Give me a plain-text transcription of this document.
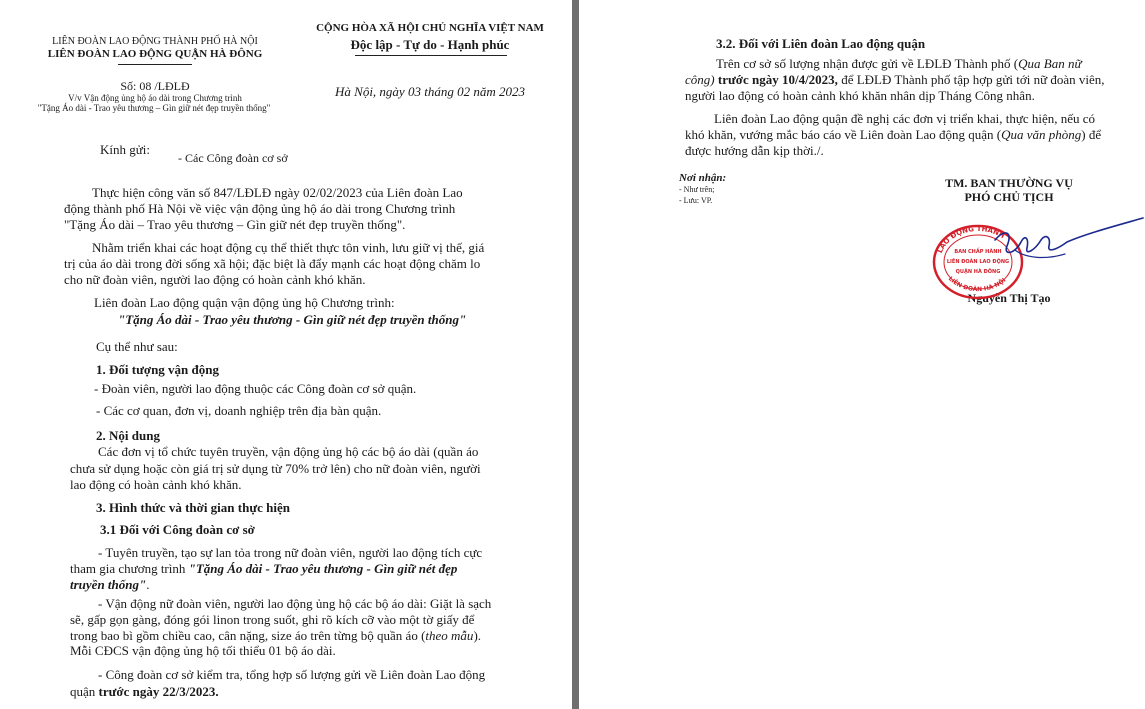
LIÊN ĐOÀN LAO ĐỘNG THÀNH PHỐ HÀ NỘI
LIÊN ĐOÀN LAO ĐỘNG QUẬN HÀ ĐÔNG
CỘNG HÒA XÃ HỘI CHỦ NGHĨA VIỆT NAM
Độc lập - Tự do - Hạnh phúc
Số: 08 /LĐLĐ
V/v Vận động ủng hộ áo dài trong Chương trình
"Tặng Áo dài - Trao yêu thương – Gìn giữ nét đẹp truyền thống"
Hà Nội, ngày 03 tháng 02 năm 2023
Kính gửi:
- Các Công đoàn cơ sở
Thực hiện công văn số 847/LĐLĐ ngày 02/02/2023 của Liên đoàn Lao
động thành phố Hà Nội về việc vận động ủng hộ áo dài trong Chương trình
"Tặng Áo dài – Trao yêu thương – Gìn giữ nét đẹp truyền thống".
Nhằm triển khai các hoạt động cụ thể thiết thực tôn vinh, lưu giữ vị thế, giá
trị của áo dài trong đời sống xã hội; đặc biệt là đẩy mạnh các hoạt động chăm lo
cho nữ đoàn viên, người lao động có hoàn cảnh khó khăn.
Liên đoàn Lao động quận vận động ủng hộ Chương trình:
"Tặng Áo dài - Trao yêu thương - Gìn giữ nét đẹp truyền thống"
Cụ thể như sau:
1. Đối tượng vận động
- Đoàn viên, người lao động thuộc các Công đoàn cơ sở quận.
- Các cơ quan, đơn vị, doanh nghiệp trên địa bàn quận.
2. Nội dung
Các đơn vị tổ chức tuyên truyền, vận động ủng hộ các bộ áo dài (quần áo
chưa sử dụng hoặc còn giá trị sử dụng từ 70% trở lên) cho nữ đoàn viên, người
lao động có hoàn cảnh khó khăn.
3. Hình thức và thời gian thực hiện
3.1 Đối với Công đoàn cơ sở
- Tuyên truyền, tạo sự lan tỏa trong nữ đoàn viên, người lao động tích cực
tham gia chương trình "Tặng Áo dài - Trao yêu thương - Gìn giữ nét đẹp
truyền thống".
- Vận động nữ đoàn viên, người lao động ủng hộ các bộ áo dài: Giặt là sạch
sẽ, gấp gọn gàng, đóng gói linon trong suốt, ghi rõ kích cỡ vào một tờ giấy để
trong bao bì gồm chiều cao, cân nặng, size áo trên từng bộ quần áo (theo mẫu).
Mỗi CĐCS vận động ủng hộ tối thiểu 01 bộ áo dài.
- Công đoàn cơ sở kiểm tra, tổng hợp số lượng gửi về Liên đoàn Lao động
quận trước ngày 22/3/2023.
3.2. Đối với Liên đoàn Lao động quận
Trên cơ sở số lượng nhận được gửi về LĐLĐ Thành phố (Qua Ban nữ
công) trước ngày 10/4/2023, để LĐLĐ Thành phố tập hợp gửi tới nữ đoàn viên,
người lao động có hoàn cảnh khó khăn nhân dịp Tháng Công nhân.
Liên đoàn Lao động quận đề nghị các đơn vị triển khai, thực hiện, nếu có
khó khăn, vướng mắc báo cáo về Liên đoàn Lao động quận (Qua văn phòng) để
được hướng dẫn kịp thời./.
Nơi nhận:
- Như trên;
- Lưu: VP.
TM. BAN THƯỜNG VỤ
PHÓ CHỦ TỊCH
Nguyễn Thị Tạo
LAO ĐỘNG THÀNH
LIÊN ĐOÀN HÀ NỘI
BAN CHẤP HÀNH
LIÊN ĐOÀN LAO ĐỘNG
QUẬN HÀ ĐÔNG
